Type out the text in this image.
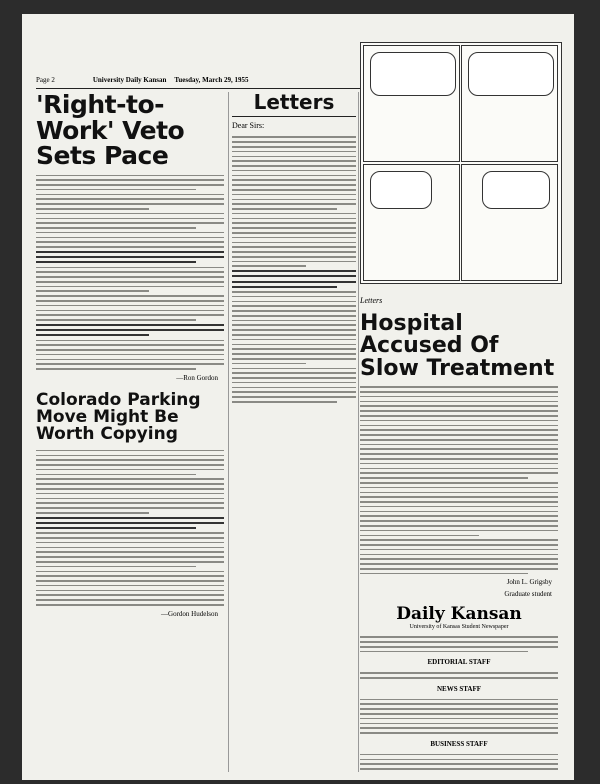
Page 2	University Daily Kansan Tuesday, March 29, 1955
'Right-to-Work' Veto Sets Pace
—Ron Gordon
Colorado Parking Move Might Be Worth Copying
—Gordon Hudelson
Letters
Dear Sirs:
Letters
Hospital Accused Of Slow Treatment
John L. Grigsby
Graduate student
Daily Kansan
University of Kansas Student Newspaper
EDITORIAL STAFF
NEWS STAFF
BUSINESS STAFF
